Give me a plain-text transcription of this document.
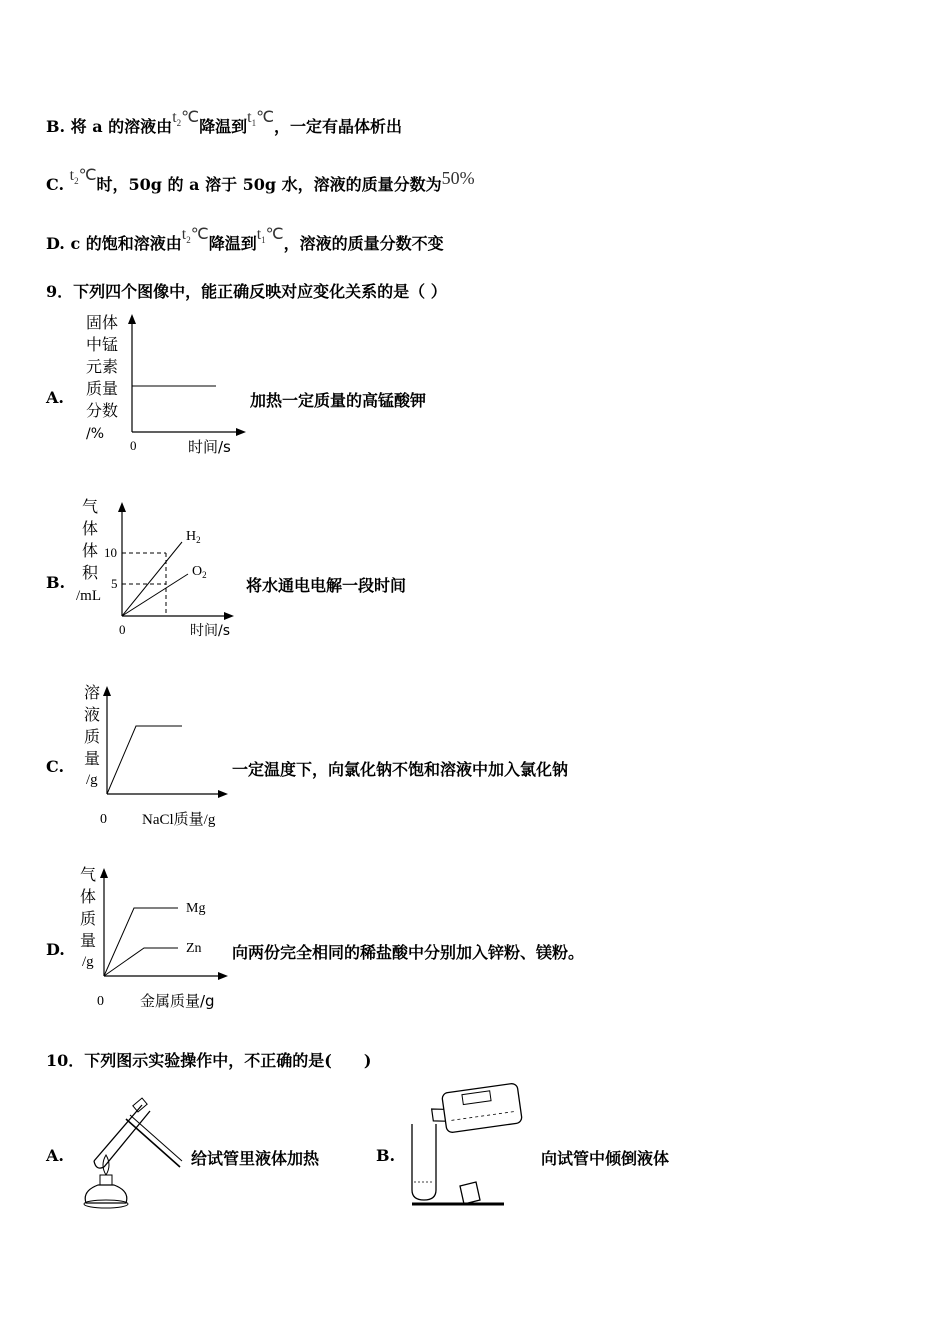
B. 将 a 的溶液由$t_2℃$降温到$t_1℃$，一定有晶体析出
C. $t_2℃$时，50g 的 a 溶于 50g 水，溶液的质量分数为50%
D. c 的饱和溶液由$t_2℃$降温到$t_1℃$，溶液的质量分数不变
9．下列四个图像中，能正确反映对应变化关系的是（ ）
A.
固体
中锰
元素
质量
分数
/%
0	时间/s
加热一定质量的高锰酸钾
B.
气
体
体
积
/mL
10
5
$H_2$
$O_2$
0	时间/s
将水通电电解一段时间
C.
溶
液
质
量
/g
0 NaCl质量/g
一定温度下，向氯化钠不饱和溶液中加入氯化钠
D.
气
体
质
量
/g
Mg
Zn
0 金属质量/g
向两份完全相同的稀盐酸中分别加入锌粉、镁粉。
10．下列图示实验操作中，不正确的是(　　)
A.	给试管里液体加热	B.	向试管中倾倒液体
